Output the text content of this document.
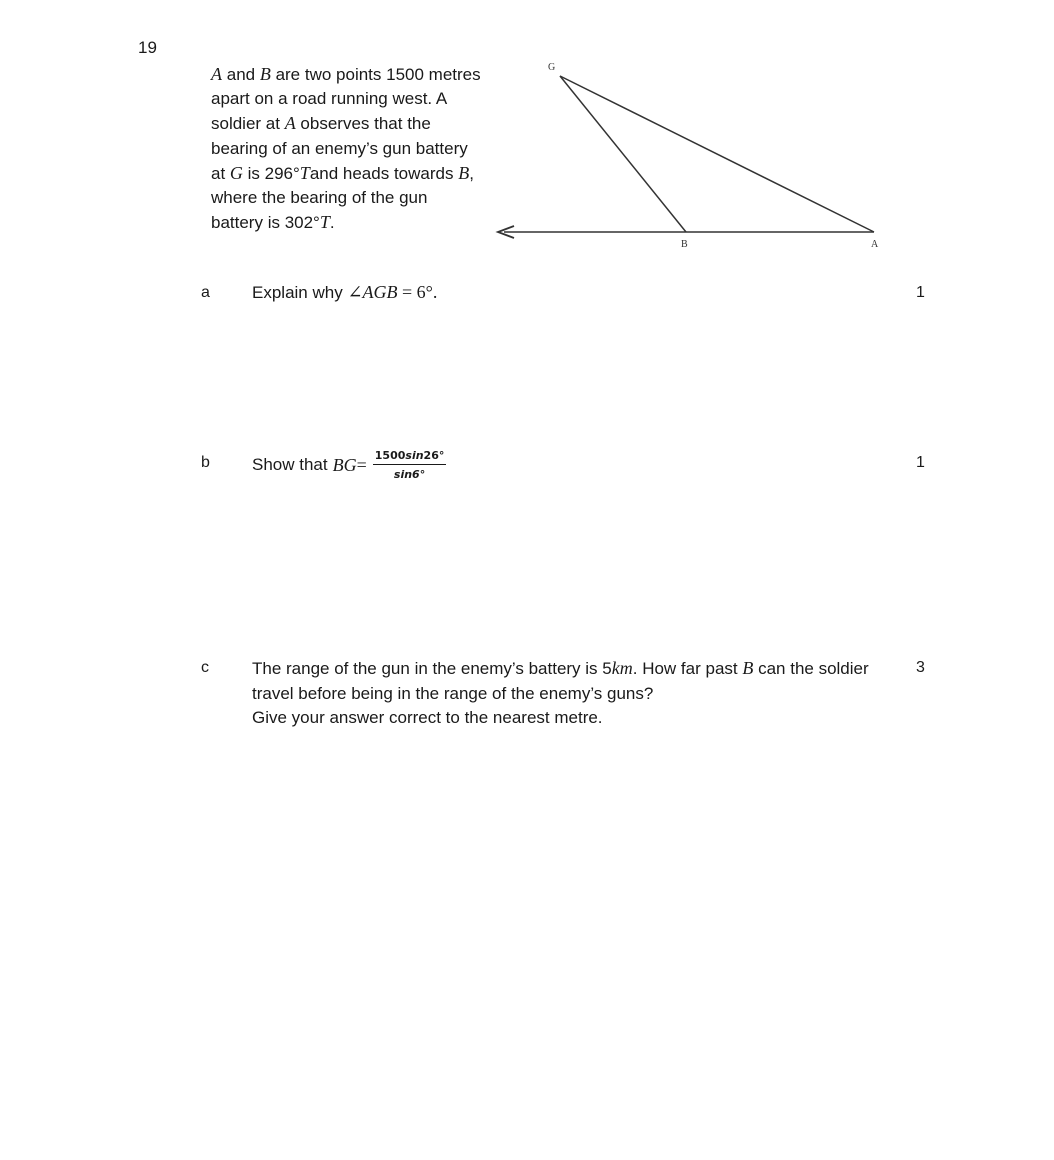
19
A and B are two points 1500 metres apart on a road running west. A soldier at A observes that the bearing of an enemy’s gun battery at G is 296°Tand heads towards B, where the bearing of the gun battery is 302°T.
G
B	A
a Explain why ∠AGB = 6°.	1
b Show that BG = $\frac{1500\sin 26^\circ}{\sin 6^\circ}$	1
c	The range of the gun in the enemy’s battery is 5km. How far past B can the soldier travel before being in the range of the enemy’s guns?
Give your answer correct to the nearest metre.
3
